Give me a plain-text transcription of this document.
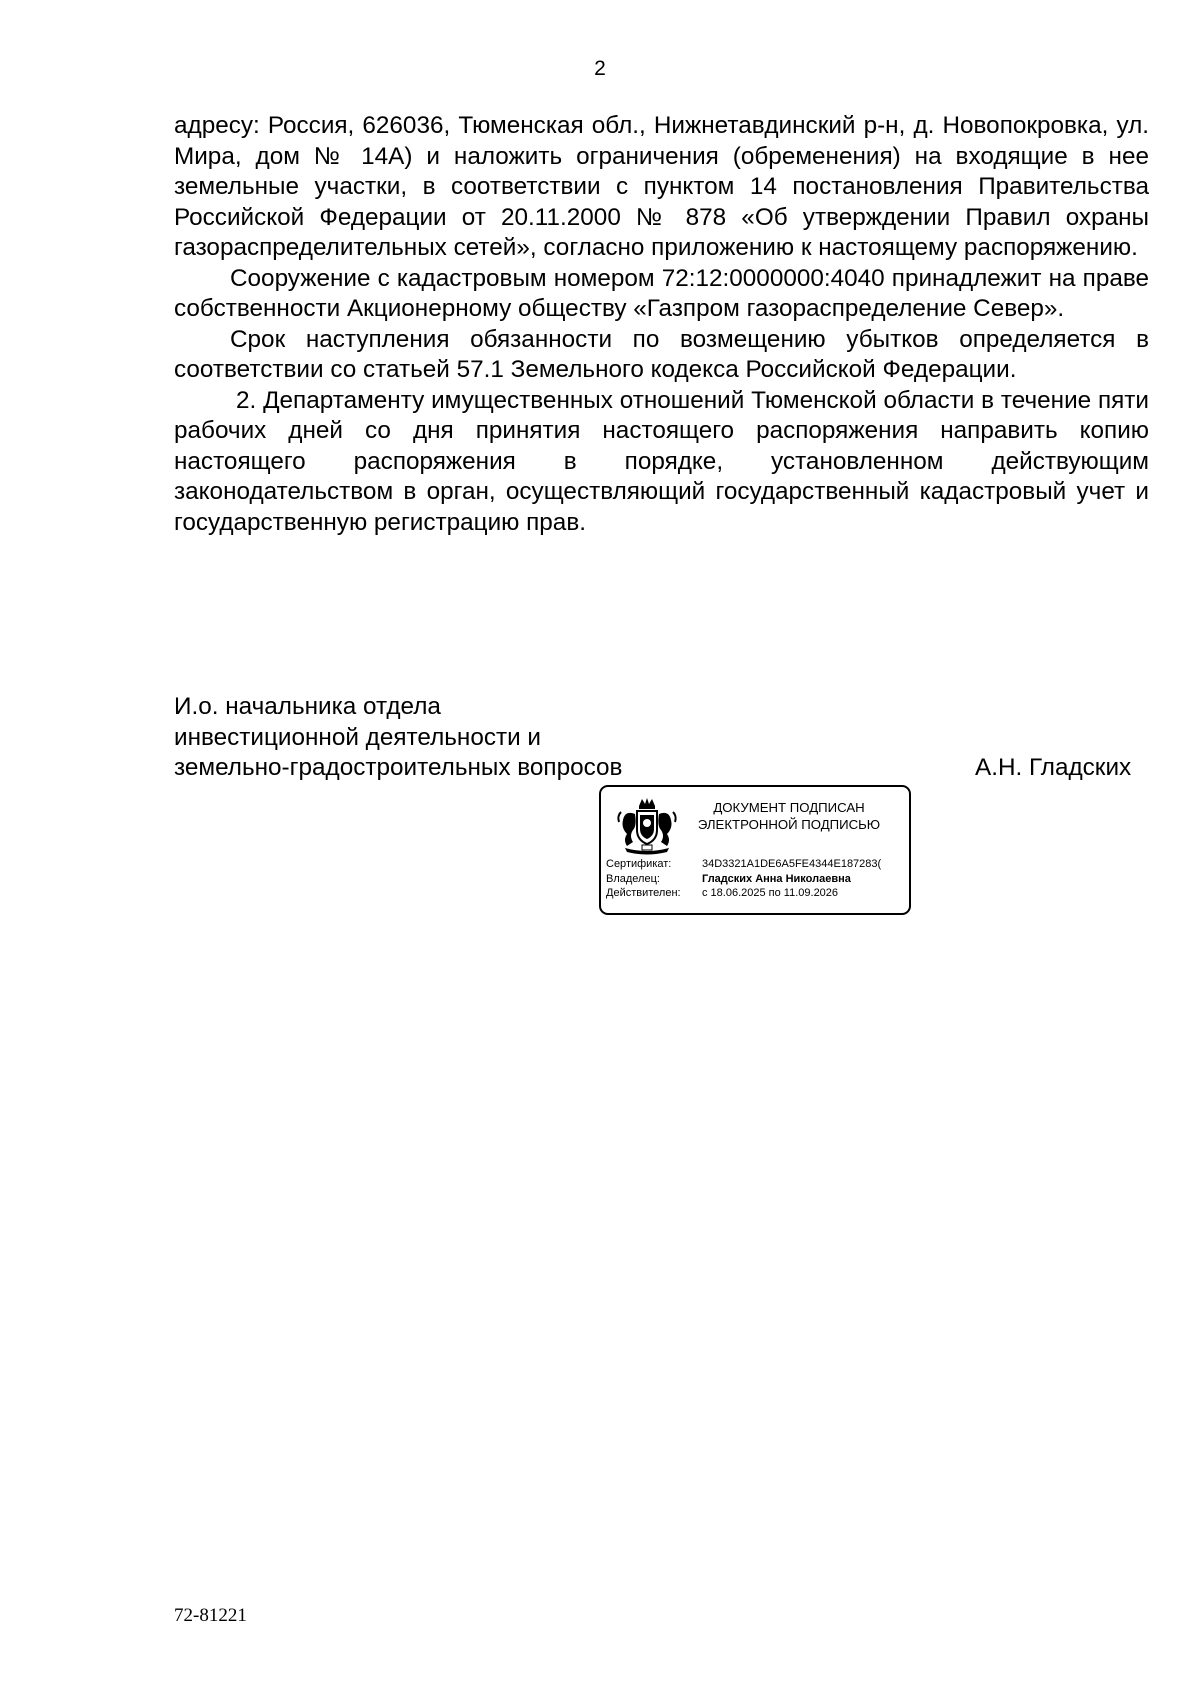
2

адресу: Россия, 626036, Тюменская обл., Нижнетавдинский р-н, д. Новопокровка, ул. Мира, дом № 14А) и наложить ограничения (обременения) на входящие в нее земельные участки, в соответствии с пунктом 14 постановления Правительства Российской Федерации от 20.11.2000 № 878 «Об утверждении Правил охраны газораспределительных сетей», согласно приложению к настоящему распоряжению.

Сооружение с кадастровым номером 72:12:0000000:4040 принадлежит на праве собственности Акционерному обществу «Газпром газораспределение Север».

Срок наступления обязанности по возмещению убытков определяется в соответствии со статьей 57.1 Земельного кодекса Российской Федерации.

2. Департаменту имущественных отношений Тюменской области в течение пяти рабочих дней со дня принятия настоящего распоряжения направить копию настоящего распоряжения в порядке, установленном действующим законодательством в орган, осуществляющий государственный кадастровый учет и государственную регистрацию прав.

И.о. начальника отдела
инвестиционной деятельности и
земельно-градостроительных вопросов	А.Н. Гладских
ДОКУМЕНТ ПОДПИСАН
ЭЛЕКТРОННОЙ ПОДПИСЬЮ
Сертификат:	34D3321A1DE6A5FE4344E187283(
Владелец:	Гладских Анна Николаевна
Действителен:	с 18.06.2025 по 11.09.2026
72-81221
